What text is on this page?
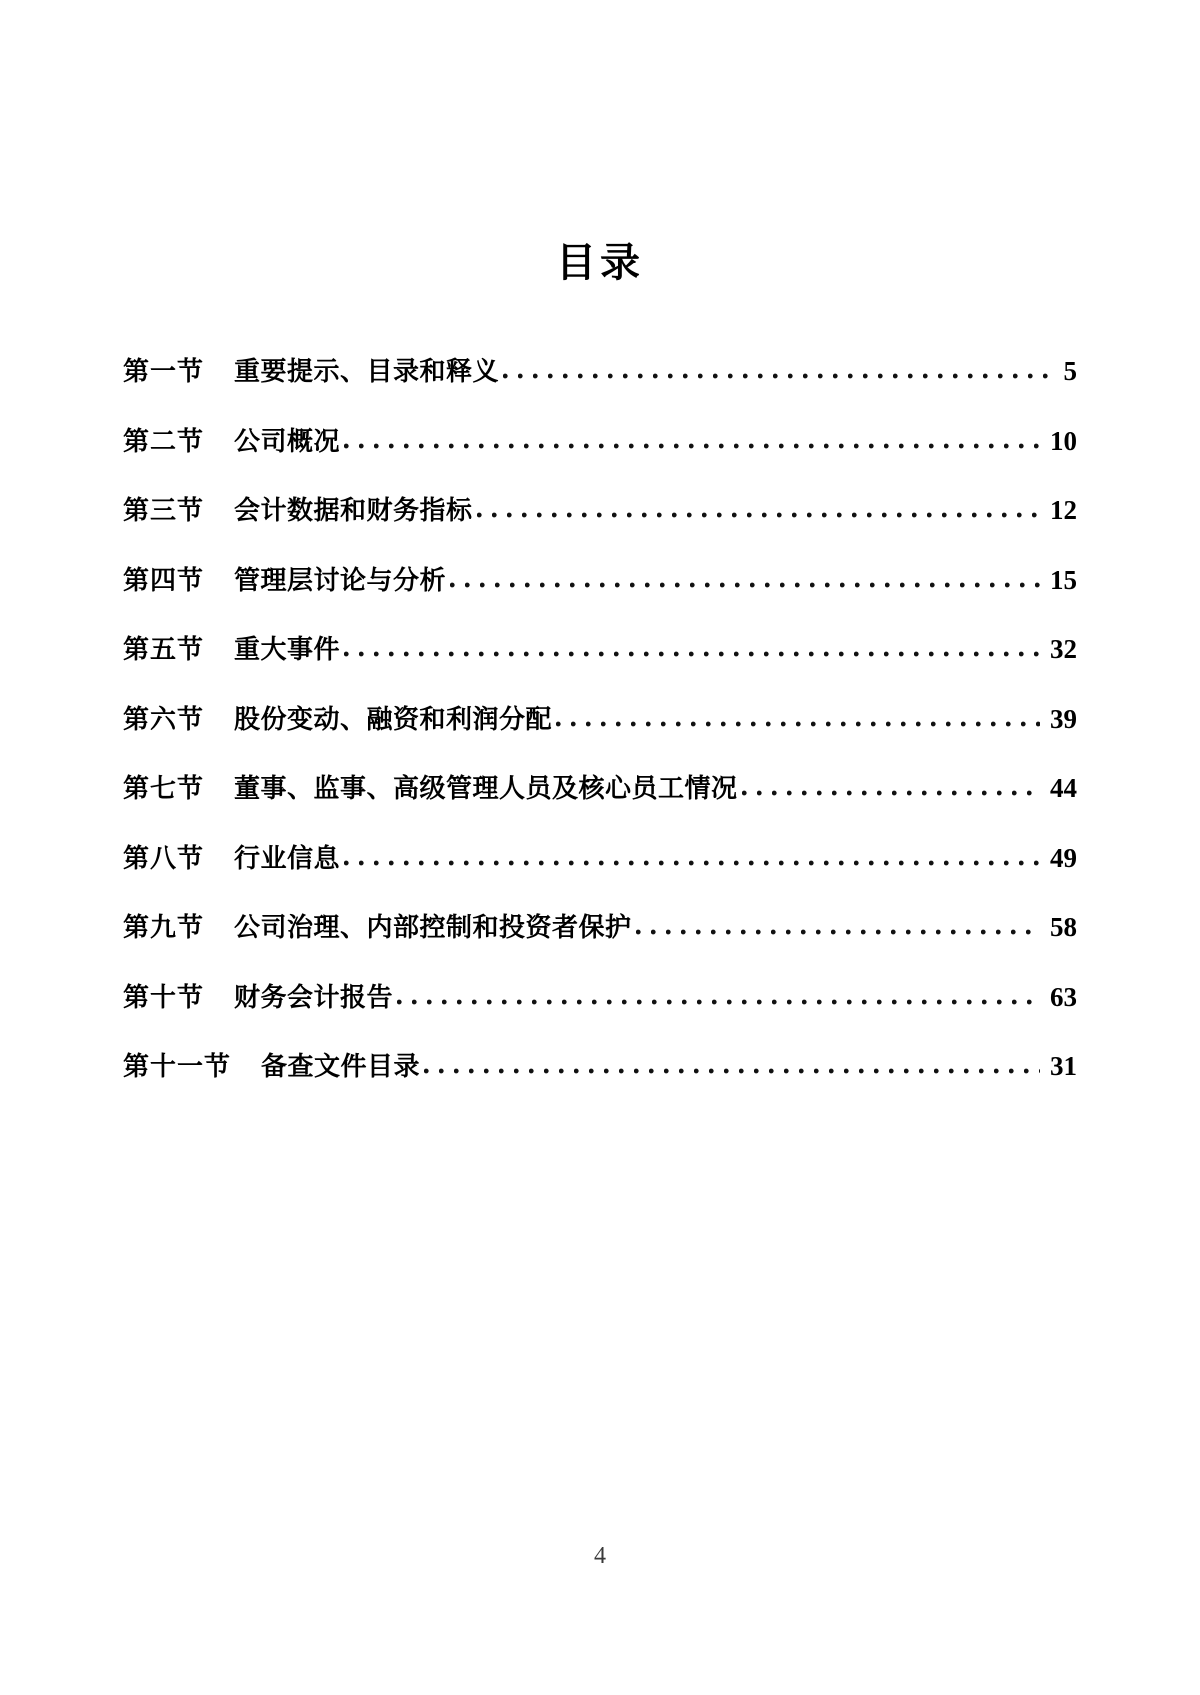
目录
第一节 重要提示、目录和释义	5
第二节 公司概况	10
第三节 会计数据和财务指标	12
第四节 管理层讨论与分析	15
第五节 重大事件	32
第六节 股份变动、融资和利润分配	39
第七节 董事、监事、高级管理人员及核心员工情况	44
第八节 行业信息	49
第九节 公司治理、内部控制和投资者保护	58
第十节 财务会计报告	63
第十一节 备查文件目录	31
4
